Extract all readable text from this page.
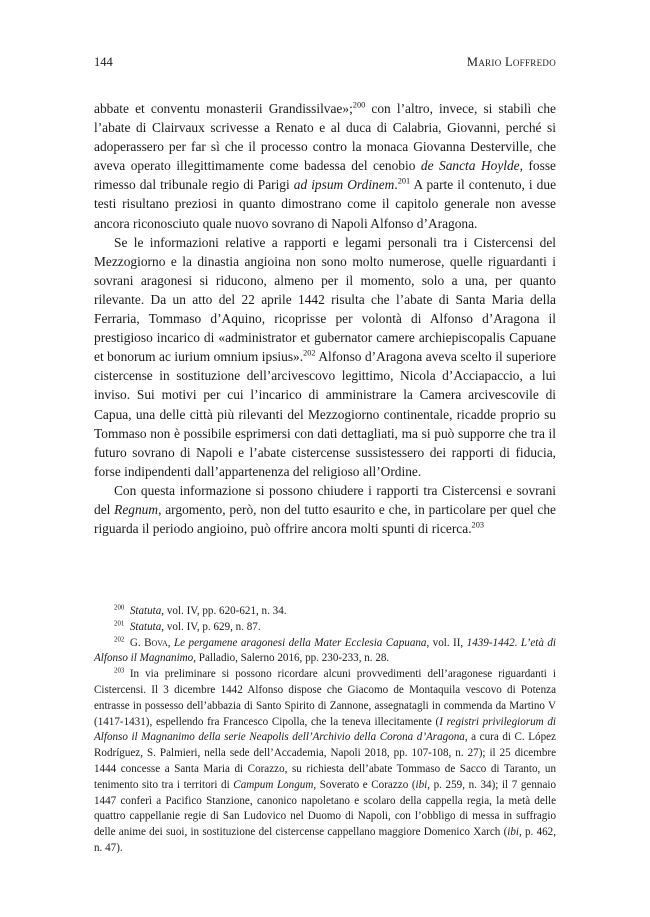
144	Mario Loffredo

abbate et conventu monasterii Grandissilvae»;$^{200}$ con l’altro, invece, si stabilì che l’abate di Clairvaux scrivesse a Renato e al duca di Calabria, Giovanni, perché si adoperassero per far sì che il processo contro la monaca Giovanna Desterville, che aveva operato illegittimamente come badessa del cenobio de Sancta Hoylde, fosse rimesso dal tribunale regio di Parigi ad ipsum Ordinem.$^{201}$ A parte il contenuto, i due testi risultano preziosi in quanto dimostrano come il capitolo generale non avesse ancora riconosciuto quale nuovo sovrano di Napoli Alfonso d’Aragona.

Se le informazioni relative a rapporti e legami personali tra i Cistercensi del Mezzogiorno e la dinastia angioina non sono molto numerose, quelle riguardanti i sovrani aragonesi si riducono, almeno per il momento, solo a una, per quanto rilevante. Da un atto del 22 aprile 1442 risulta che l’abate di Santa Maria della Ferraria, Tommaso d’Aquino, ricoprisse per volontà di Alfonso d’Aragona il prestigioso incarico di «administrator et gubernator camere archiepiscopalis Capuane et bonorum ac iurium omnium ipsius».$^{202}$ Alfonso d’Aragona aveva scelto il superiore cistercense in sostituzione dell’arcivescovo legittimo, Nicola d’Acciapaccio, a lui inviso. Sui motivi per cui l’incarico di amministrare la Camera arcivescovile di Capua, una delle città più rilevanti del Mezzogiorno continentale, ricadde proprio su Tommaso non è possibile esprimersi con dati dettagliati, ma si può supporre che tra il futuro sovrano di Napoli e l’abate cistercense sussistessero dei rapporti di fiducia, forse indipendenti dall’appartenenza del religioso all’Ordine.

Con questa informazione si possono chiudere i rapporti tra Cistercensi e sovrani del Regnum, argomento, però, non del tutto esaurito e che, in particolare per quel che riguarda il periodo angioino, può offrire ancora molti spunti di ricerca.$^{203}$

$^{200}$  Statuta, vol. IV, pp. 620-621, n. 34.

$^{201}$  Statuta, vol. IV, p. 629, n. 87.

$^{202}$  G. Bova, Le pergamene aragonesi della Mater Ecclesia Capuana, vol. II, 1439-1442. L’età di Alfonso il Magnanimo, Palladio, Salerno 2016, pp. 230-233, n. 28.

$^{203}$  In via preliminare si possono ricordare alcuni provvedimenti dell’aragonese riguardanti i Cistercensi. Il 3 dicembre 1442 Alfonso dispose che Giacomo de Montaquila vescovo di Potenza entrasse in possesso dell’abbazia di Santo Spirito di Zannone, assegnatagli in commenda da Martino V (1417-1431), espellendo fra Francesco Cipolla, che la teneva illecitamente (I registri privilegiorum di Alfonso il Magnanimo della serie Neapolis dell’Archivio della Corona d’Aragona, a cura di C. López Rodríguez, S. Palmieri, nella sede dell’Accademia, Napoli 2018, pp. 107-108, n. 27); il 25 dicembre 1444 concesse a Santa Maria di Corazzo, su richiesta dell’abate Tommaso de Sacco di Taranto, un tenimento sito tra i territori di Campum Longum, Soverato e Corazzo (ibi, p. 259, n. 34); il 7 gennaio 1447 conferì a Pacifico Stanzione, canonico napoletano e scolaro della cappella regia, la metà delle quattro cappellanie regie di San Ludovico nel Duomo di Napoli, con l’obbligo di messa in suffragio delle anime dei suoi, in sostituzione del cistercense cappellano maggiore Domenico Xarch (ibi, p. 462, n. 47).
